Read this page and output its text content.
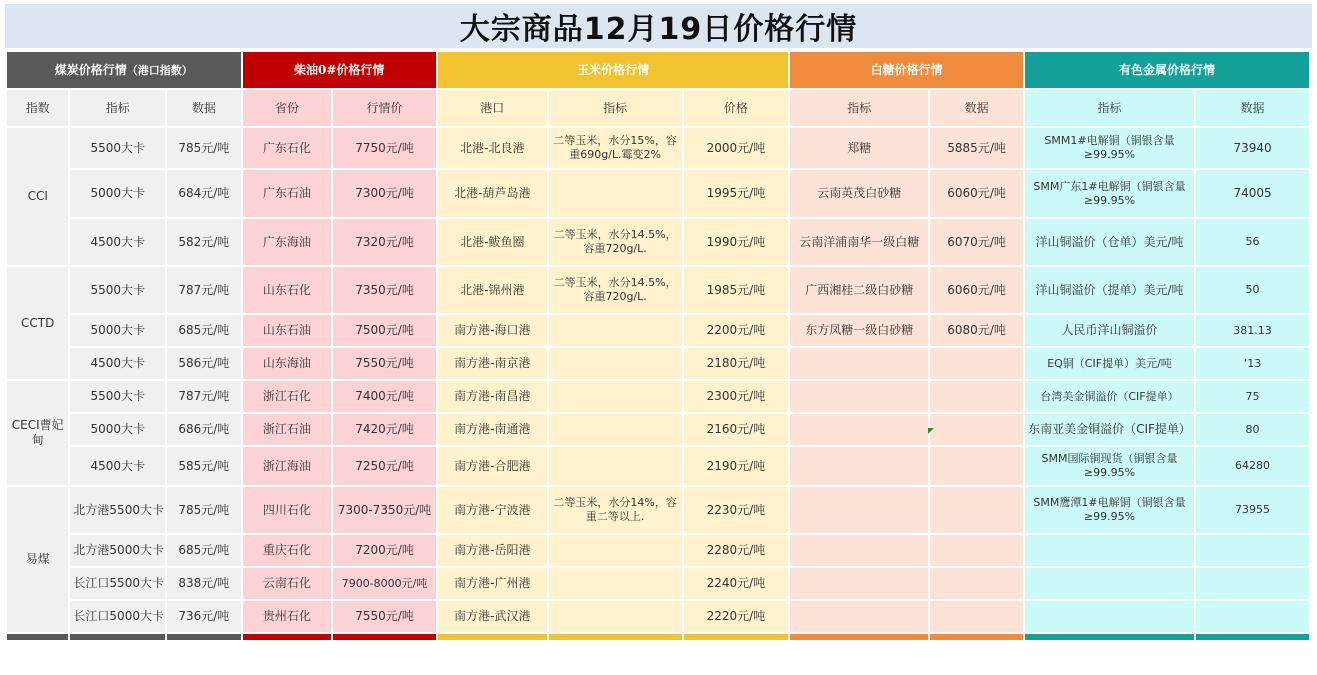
大宗商品12月19日价格行情
煤炭价格行情（港口指数）			柴油0#价格行情		玉米价格行情			白糖价格行情		有色金属价格行情	
指数	指标	数据	省份	行情价	港口	指标	价格	指标	数据	指标	数据
CCI	5500大卡	785元/吨	广东石化	7750元/吨	北港-北良港	二等玉米，水分15%，容重690g/L.霉变2%	2000元/吨	郑糖	5885元/吨	SMM1#电解铜（铜银含量≥99.95%	73940
	5000大卡	684元/吨	广东石油	7300元/吨	北港-葫芦岛港		1995元/吨	云南英茂白砂糖	6060元/吨	SMM广东1#电解铜（铜银含量≥99.95%	74005
	4500大卡	582元/吨	广东海油	7320元/吨	北港-鲅鱼圈	二等玉米，水分14.5%，容重720g/L.	1990元/吨	云南洋浦南华一级白糖	6070元/吨	洋山铜溢价（仓单）美元/吨	56
CCTD	5500大卡	787元/吨	山东石化	7350元/吨	北港-锦州港	二等玉米，水分14.5%，容重720g/L.	1985元/吨	广西湘桂二级白砂糖	6060元/吨	洋山铜溢价（提单）美元/吨	50
	5000大卡	685元/吨	山东石油	7500元/吨	南方港-海口港		2200元/吨	东方凤糖一级白砂糖	6080元/吨	人民币洋山铜溢价	381.13
	4500大卡	586元/吨	山东海油	7550元/吨	南方港-南京港		2180元/吨			EQ铜（CIF提单）美元/吨	‘13
CECI曹妃甸	5500大卡	787元/吨	浙江石化	7400元/吨	南方港-南昌港		2300元/吨			台湾美金铜溢价（CIF提单）	75
	5000大卡	686元/吨	浙江石油	7420元/吨	南方港-南通港		2160元/吨			东南亚美金铜溢价（CIF提单）	80
	4500大卡	585元/吨	浙江海油	7250元/吨	南方港-合肥港		2190元/吨			SMM国际铜现货（铜银含量≥99.95%	64280
易煤	北方港5500大卡	785元/吨	四川石化	7300-7350元/吨	南方港-宁波港	二等玉米，水分14%，容重二等以上.	2230元/吨			SMM鹰潭1#电解铜（铜银含量≥99.95%	73955
	北方港5000大卡	685元/吨	重庆石化	7200元/吨	南方港-岳阳港		2280元/吨				
	长江口5500大卡	838元/吨	云南石化	7900-8000元/吨	南方港-广州港		2240元/吨				
	长江口5000大卡	736元/吨	贵州石化	7550元/吨	南方港-武汉港		2220元/吨				
